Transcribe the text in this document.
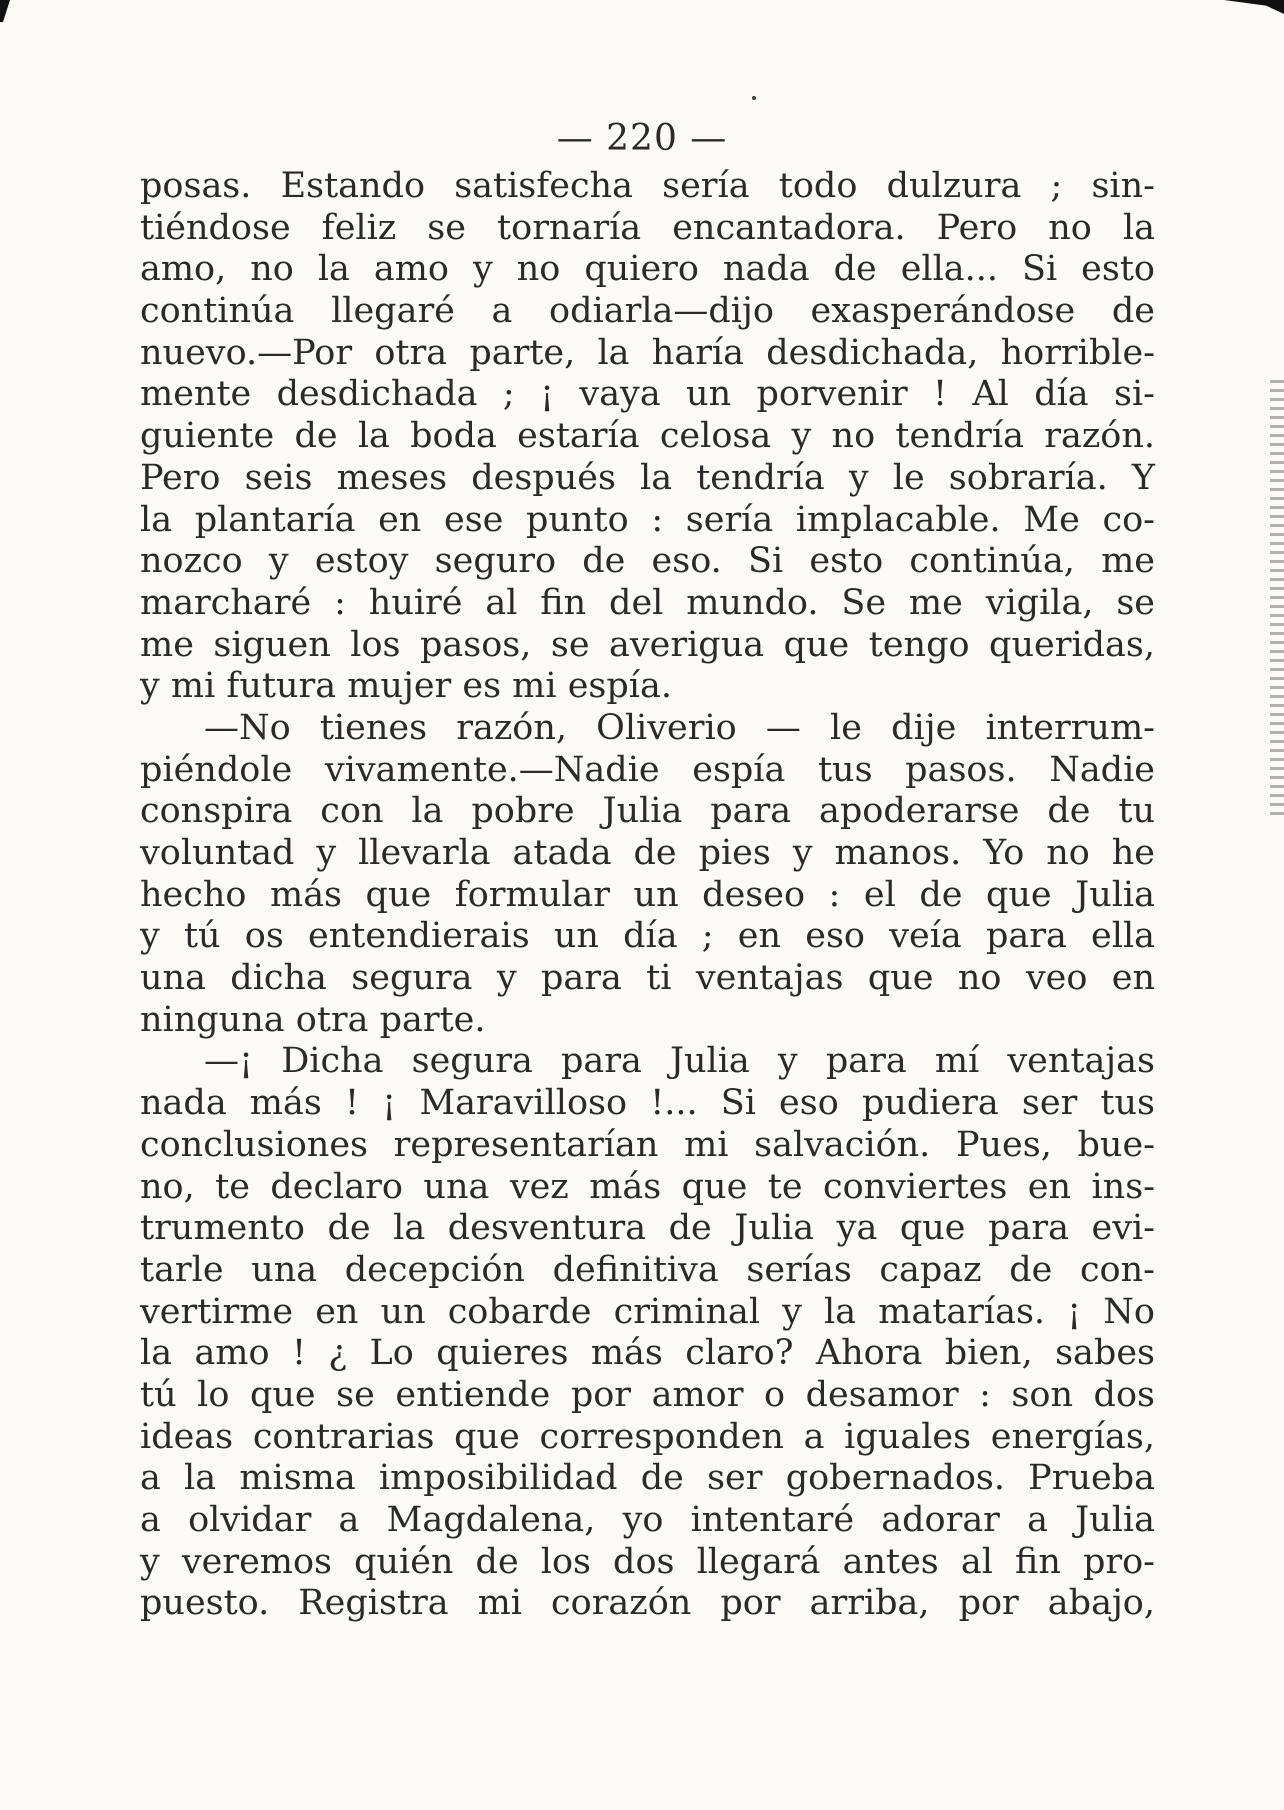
— 220 —
posas. Estando satisfecha sería todo dulzura ; sin-
tiéndose feliz se tornaría encantadora. Pero no la
amo, no la amo y no quiero nada de ella... Si esto
continúa llegaré a odiarla—dijo exasperándose de
nuevo.—Por otra parte, la haría desdichada, horrible-
mente desdichada ; ¡ vaya un porvenir ! Al día si-
guiente de la boda estaría celosa y no tendría razón.
Pero seis meses después la tendría y le sobraría. Y
la plantaría en ese punto : sería implacable. Me co-
nozco y estoy seguro de eso. Si esto continúa, me
marcharé : huiré al fin del mundo. Se me vigila, se
me siguen los pasos, se averigua que tengo queridas,
y mi futura mujer es mi espía.
—No tienes razón, Oliverio — le dije interrum-
piéndole vivamente.—Nadie espía tus pasos. Nadie
conspira con la pobre Julia para apoderarse de tu
voluntad y llevarla atada de pies y manos. Yo no he
hecho más que formular un deseo : el de que Julia
y tú os entendierais un día ; en eso veía para ella
una dicha segura y para ti ventajas que no veo en
ninguna otra parte.
—¡ Dicha segura para Julia y para mí ventajas
nada más ! ¡ Maravilloso !... Si eso pudiera ser tus
conclusiones representarían mi salvación. Pues, bue-
no, te declaro una vez más que te conviertes en ins-
trumento de la desventura de Julia ya que para evi-
tarle una decepción definitiva serías capaz de con-
vertirme en un cobarde criminal y la matarías. ¡ No
la amo ! ¿ Lo quieres más claro? Ahora bien, sabes
tú lo que se entiende por amor o desamor : son dos
ideas contrarias que corresponden a iguales energías,
a la misma imposibilidad de ser gobernados. Prueba
a olvidar a Magdalena, yo intentaré adorar a Julia
y veremos quién de los dos llegará antes al fin pro-
puesto. Registra mi corazón por arriba, por abajo,
